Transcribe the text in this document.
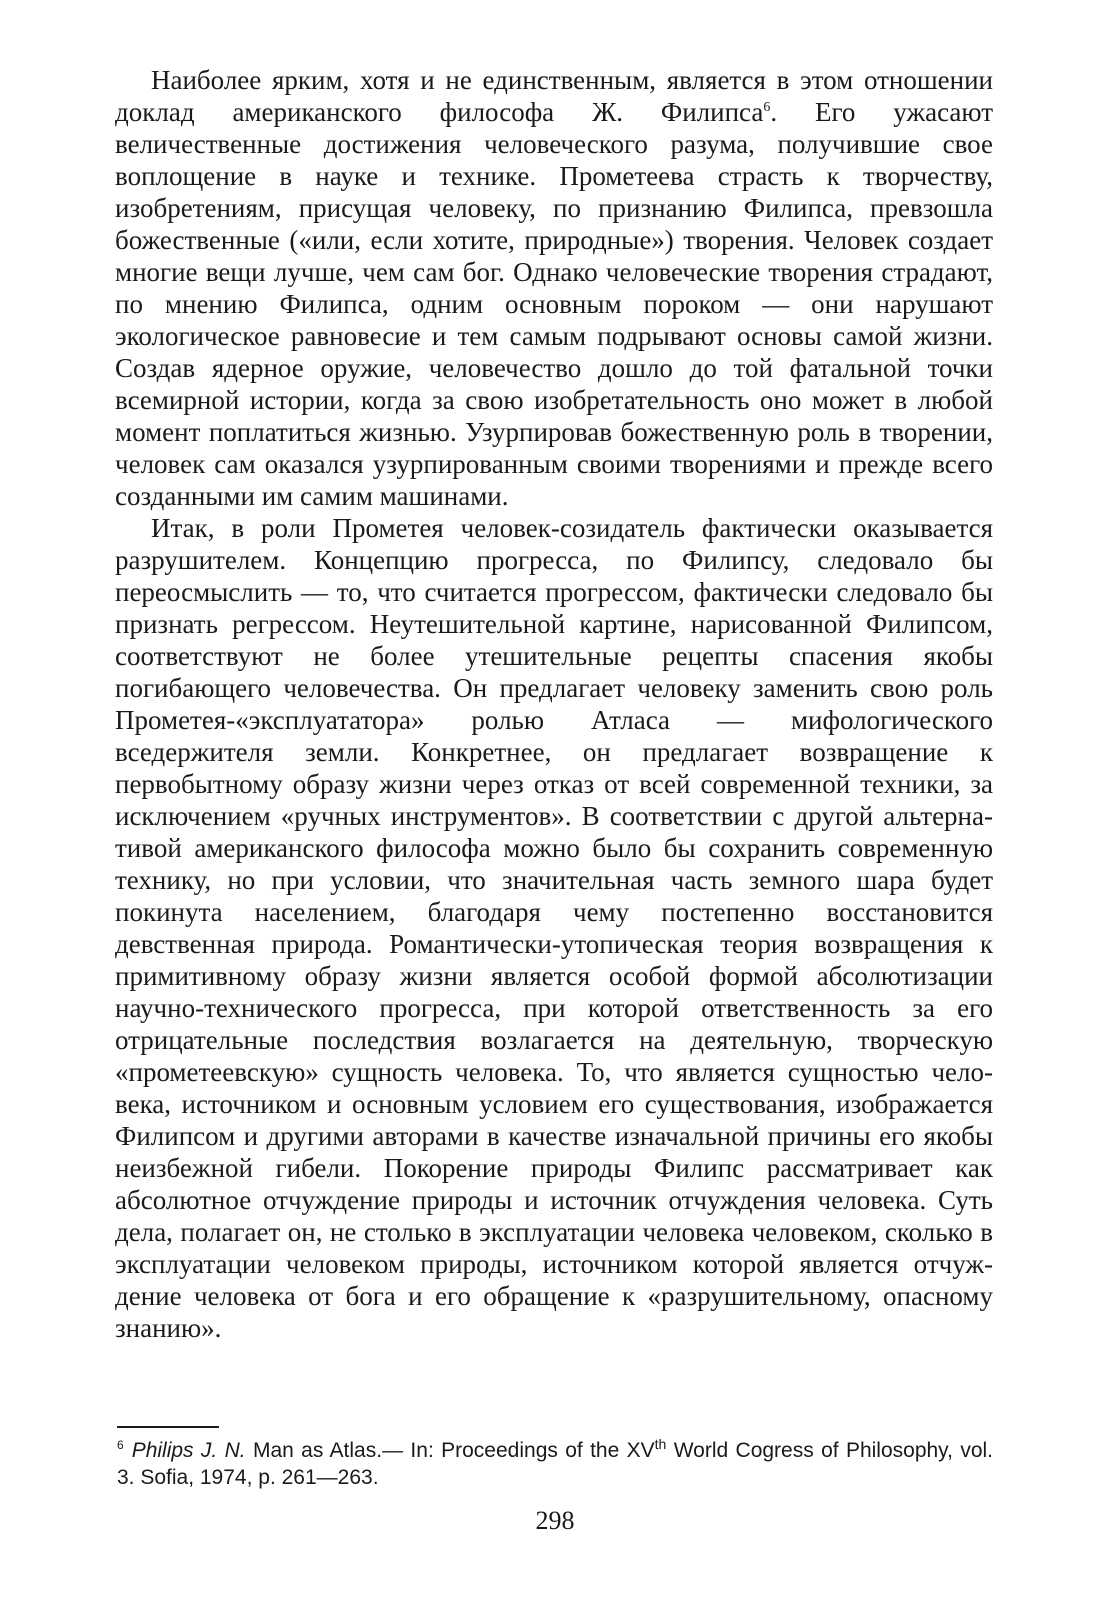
Наиболее ярким, хотя и не единственным, является в этом отношении доклад американского философа Ж. Филипса$^6$. Его ужасают величественные достижения человеческого разума, получившие свое воплощение в науке и технике. Прометеева страсть к творчеству, изобретениям, присущая человеку, по признанию Филипса, превзошла божественные («или, если хотите, природные») творения. Человек создает многие вещи лучше, чем сам бог. Однако человеческие творения страдают, по мнению Филипса, одним основным пороком — они нарушают экологическое равновесие и тем самым подрывают основы самой жизни. Создав ядерное оружие, человечество дошло до той фатальной точки всемирной истории, когда за свою изобретательность оно может в любой момент поплатиться жизнью. Узурпировав божественную роль в творении, человек сам оказался узурпированным своими творениями и прежде всего созданными им самим машинами.

Итак, в роли Прометея человек-созидатель фактически оказывается разрушителем. Концепцию прогресса, по Филипсу, следовало бы переосмыслить — то, что считается прогрессом, фактически следовало бы признать регрессом. Неутешительной картине, нарисованной Филипсом, соответствуют не более утешительные рецепты спасения якобы погибающего человечества. Он предлагает человеку заменить свою роль Прометея-«эксплуататора» ролью Атласа — мифологического вседержителя земли. Конкретнее, он предлагает возвращение к первобытному образу жизни через отказ от всей современной техники, за исключением «ручных инструментов». В соответствии с другой альтернативой американского философа можно было бы сохранить современную технику, но при условии, что значительная часть земного шара будет покинута населением, благодаря чему постепенно восстановится девственная природа. Романтически-утопическая теория возвращения к примитивному образу жизни является особой формой абсолютизации научно-технического прогресса, при которой ответственность за его отрицательные последствия возлагается на деятельную, творческую «прометеевскую» сущность человека. То, что является сущностью человека, источником и основным условием его существования, изображается Филипсом и другими авторами в качестве изначальной причины его якобы неизбежной гибели. Покорение природы Филипс рассматривает как абсолютное отчуждение природы и источник отчуждения человека. Суть дела, полагает он, не столько в эксплуатации человека человеком, сколько в эксплуатации человеком природы, источником которой является отчуждение человека от бога и его обращение к «разрушительному, опасному знанию».

$^6$ Philips J. N. Man as Atlas.— In: Proceedings of the XVth World Cogress of Philosophy, vol. 3. Sofia, 1974, p. 261—263.
298
